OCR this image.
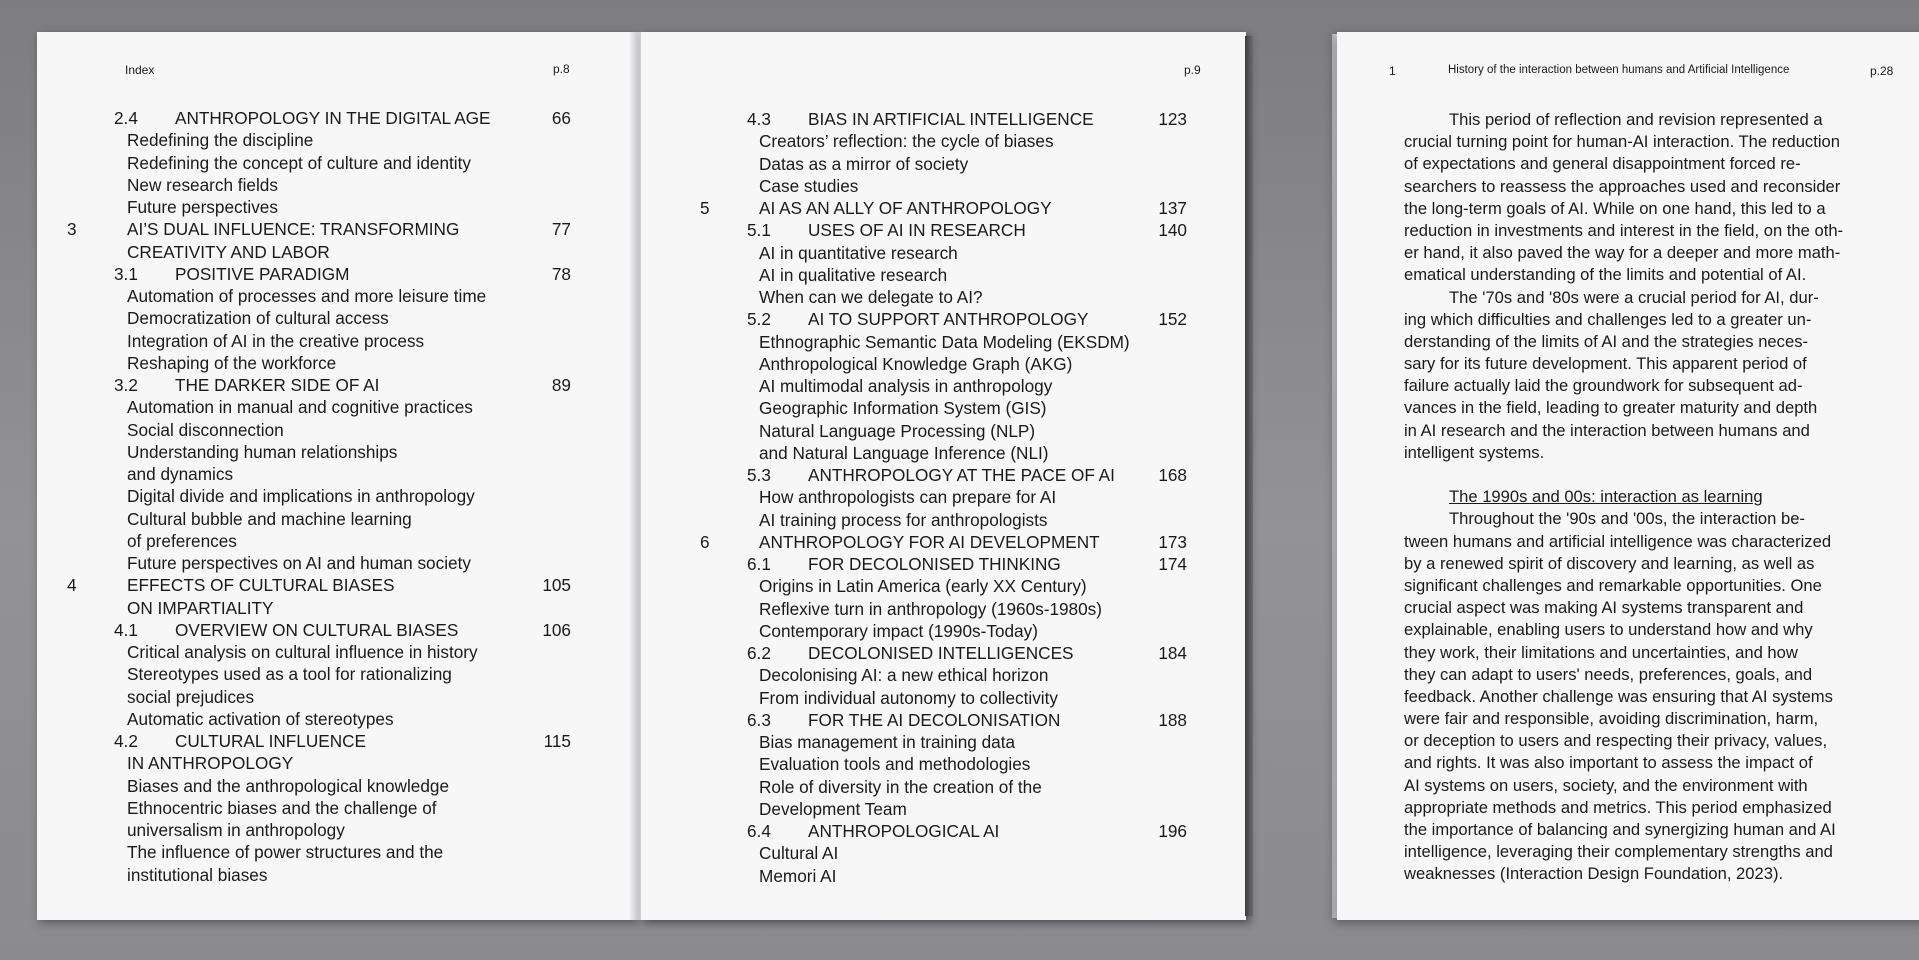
Index	p.8	p.9	1	History of the interaction between humans and Artificial Intelligence	p.28
2.4 ANTHROPOLOGY IN THE DIGITAL AGE	66
Redefining the discipline
Redefining the concept of culture and identity
New research fields
Future perspectives
3	AI’S DUAL INFLUENCE: TRANSFORMING	77
CREATIVITY AND LABOR
3.1 POSITIVE PARADIGM	78
Automation of processes and more leisure time
Democratization of cultural access
Integration of AI in the creative process
Reshaping of the workforce
3.2 THE DARKER SIDE OF AI	89
Automation in manual and cognitive practices
Social disconnection
Understanding human relationships
and dynamics
Digital divide and implications in anthropology
Cultural bubble and machine learning
of preferences
Future perspectives on AI and human society
4	EFFECTS OF CULTURAL BIASES	105
ON IMPARTIALITY
4.1 OVERVIEW ON CULTURAL BIASES	106
Critical analysis on cultural influence in history
Stereotypes used as a tool for rationalizing
social prejudices
Automatic activation of stereotypes
4.2 CULTURAL INFLUENCE	115
IN ANTHROPOLOGY
Biases and the anthropological knowledge
Ethnocentric biases and the challenge of
universalism in anthropology
The influence of power structures and the
institutional biases
4.3 BIAS IN ARTIFICIAL INTELLIGENCE	123
Creators’ reflection: the cycle of biases
Datas as a mirror of society
Case studies
5	AI AS AN ALLY OF ANTHROPOLOGY	137
5.1 USES OF AI IN RESEARCH	140
AI in quantitative research
AI in qualitative research
When can we delegate to AI?
5.2 AI TO SUPPORT ANTHROPOLOGY	152
Ethnographic Semantic Data Modeling (EKSDM)
Anthropological Knowledge Graph (AKG)
AI multimodal analysis in anthropology
Geographic Information System (GIS)
Natural Language Processing (NLP)
and Natural Language Inference (NLI)
5.3 ANTHROPOLOGY AT THE PACE OF AI	168
How anthropologists can prepare for AI
AI training process for anthropologists
6	ANTHROPOLOGY FOR AI DEVELOPMENT	173
6.1 FOR DECOLONISED THINKING	174
Origins in Latin America (early XX Century)
Reflexive turn in anthropology (1960s-1980s)
Contemporary impact (1990s-Today)
6.2 DECOLONISED INTELLIGENCES	184
Decolonising AI: a new ethical horizon
From individual autonomy to collectivity
6.3 FOR THE AI DECOLONISATION	188
Bias management in training data
Evaluation tools and methodologies
Role of diversity in the creation of the
Development Team
6.4 ANTHROPOLOGICAL AI	196
Cultural AI
Memori AI
This period of reflection and revision represented a
crucial turning point for human-AI interaction. The reduction
of expectations and general disappointment forced re-
searchers to reassess the approaches used and reconsider
the long-term goals of AI. While on one hand, this led to a
reduction in investments and interest in the field, on the oth-
er hand, it also paved the way for a deeper and more math-
ematical understanding of the limits and potential of AI.
The '70s and '80s were a crucial period for AI, dur-
ing which difficulties and challenges led to a greater un-
derstanding of the limits of AI and the strategies neces-
sary for its future development. This apparent period of
failure actually laid the groundwork for subsequent ad-
vances in the field, leading to greater maturity and depth
in AI research and the interaction between humans and
intelligent systems.
The 1990s and 00s: interaction as learning
Throughout the '90s and '00s, the interaction be-
tween humans and artificial intelligence was characterized
by a renewed spirit of discovery and learning, as well as
significant challenges and remarkable opportunities. One
crucial aspect was making AI systems transparent and
explainable, enabling users to understand how and why
they work, their limitations and uncertainties, and how
they can adapt to users' needs, preferences, goals, and
feedback. Another challenge was ensuring that AI systems
were fair and responsible, avoiding discrimination, harm,
or deception to users and respecting their privacy, values,
and rights. It was also important to assess the impact of
AI systems on users, society, and the environment with
appropriate methods and metrics. This period emphasized
the importance of balancing and synergizing human and AI
intelligence, leveraging their complementary strengths and
weaknesses (Interaction Design Foundation, 2023).
